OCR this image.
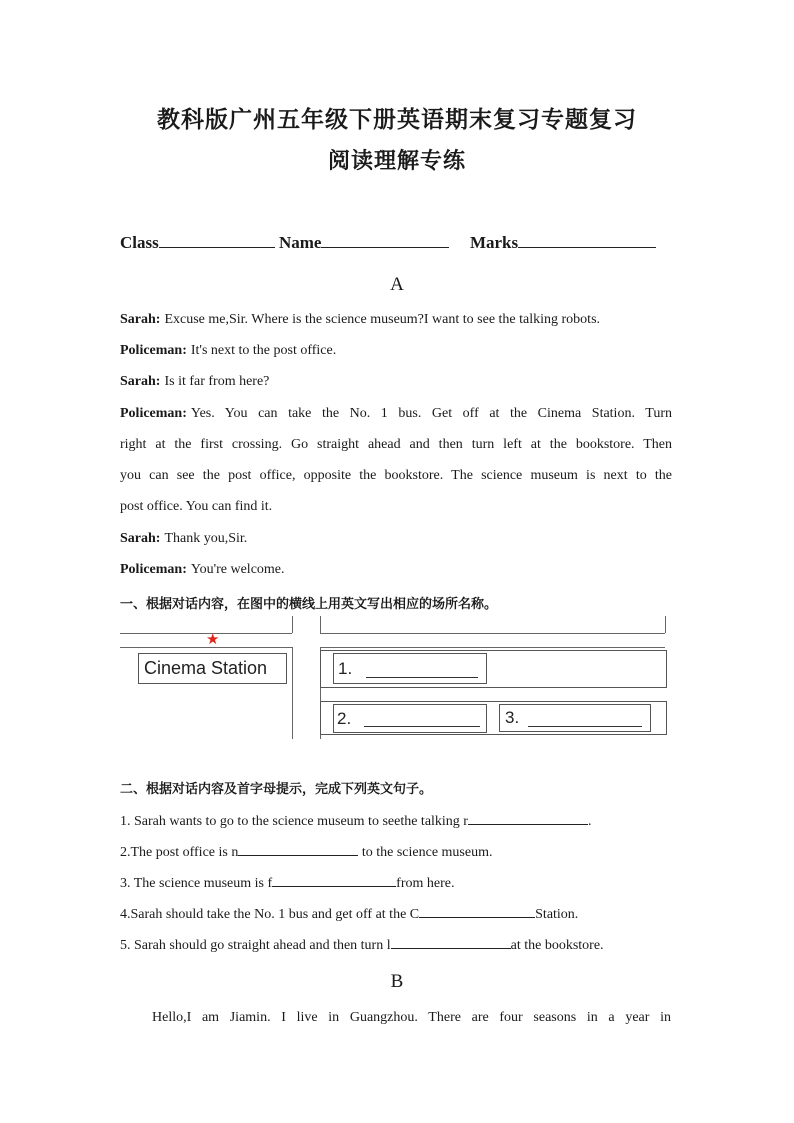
教科版广州五年级下册英语期末复习专题复习
阅读理解专练
Class	Name	Marks
A
Sarah: Excuse me,Sir. Where is the science museum?I want to see the talking robots.
Policeman: It's next to the post office.
Sarah: Is it far from here?
Policeman: Yes. You can take the No. 1 bus. Get off at the Cinema Station. Turn
right at the first crossing. Go straight ahead and then turn left at the bookstore. Then
you can see the post office, opposite the bookstore. The science museum is next to the
post office. You can find it.
Sarah: Thank you,Sir.
Policeman: You're welcome.
一、根据对话内容，在图中的横线上用英文写出相应的场所名称。
★
Cinema Station	1.
2.	3.
二、根据对话内容及首字母提示，完成下列英文句子。
1. Sarah wants to go to the science museum to seethe talking r	.
2.The post office is n	to the science museum.
3. The science museum is f	from here.
4.Sarah should take the No. 1 bus and get off at the C	Station.
5. Sarah should go straight ahead and then turn l	at the bookstore.
B
Hello,I am Jiamin. I live in Guangzhou. There are four seasons in a year in
